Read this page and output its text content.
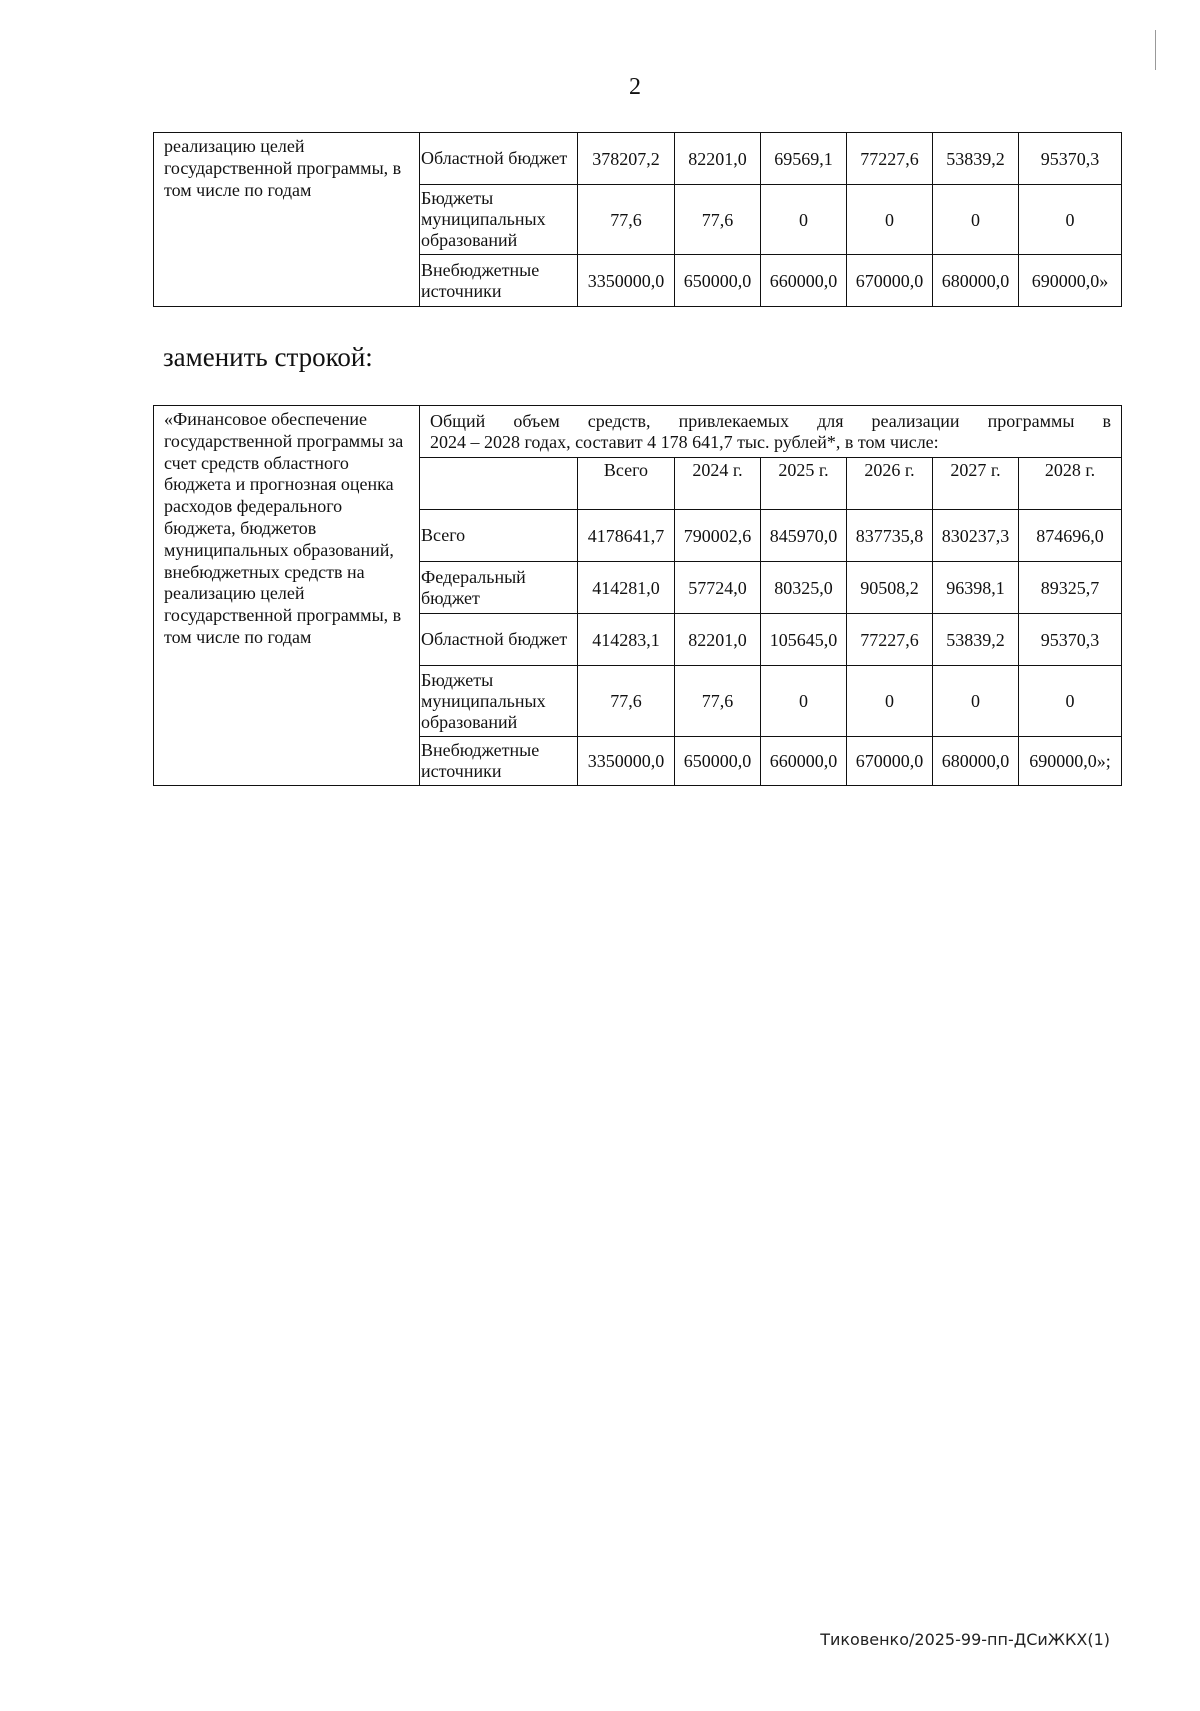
2
реализацию целей государственной программы, в том числе по годам	Областной бюджет	378207,2	82201,0	69569,1	77227,6	53839,2	95370,3
	Бюджеты муниципальных образований	77,6	77,6	0	0	0	0
	Внебюджетные источники	3350000,0	650000,0	660000,0	670000,0	680000,0	690000,0»
заменить строкой:
«Финансовое обеспечение государственной программы за счет средств областного бюджета и прогнозная оценка расходов федерального бюджета, бюджетов муниципальных образований, внебюджетных средств на реализацию целей государственной программы, в том числе по годам	Общий объем средств, привлекаемых для реализации программы в
2024 – 2028 годах, составит 4 178 641,7 тыс. рублей*, в том числе:						
		Всего	2024 г.	2025 г.	2026 г.	2027 г.	2028 г.
	Всего	4178641,7	790002,6	845970,0	837735,8	830237,3	874696,0
	Федеральный бюджет	414281,0	57724,0	80325,0	90508,2	96398,1	89325,7
	Областной бюджет	414283,1	82201,0	105645,0	77227,6	53839,2	95370,3
	Бюджеты муниципальных образований	77,6	77,6	0	0	0	0
	Внебюджетные источники	3350000,0	650000,0	660000,0	670000,0	680000,0	690000,0»;
Тиковенко/2025-99-пп-ДСиЖКХ(1)
